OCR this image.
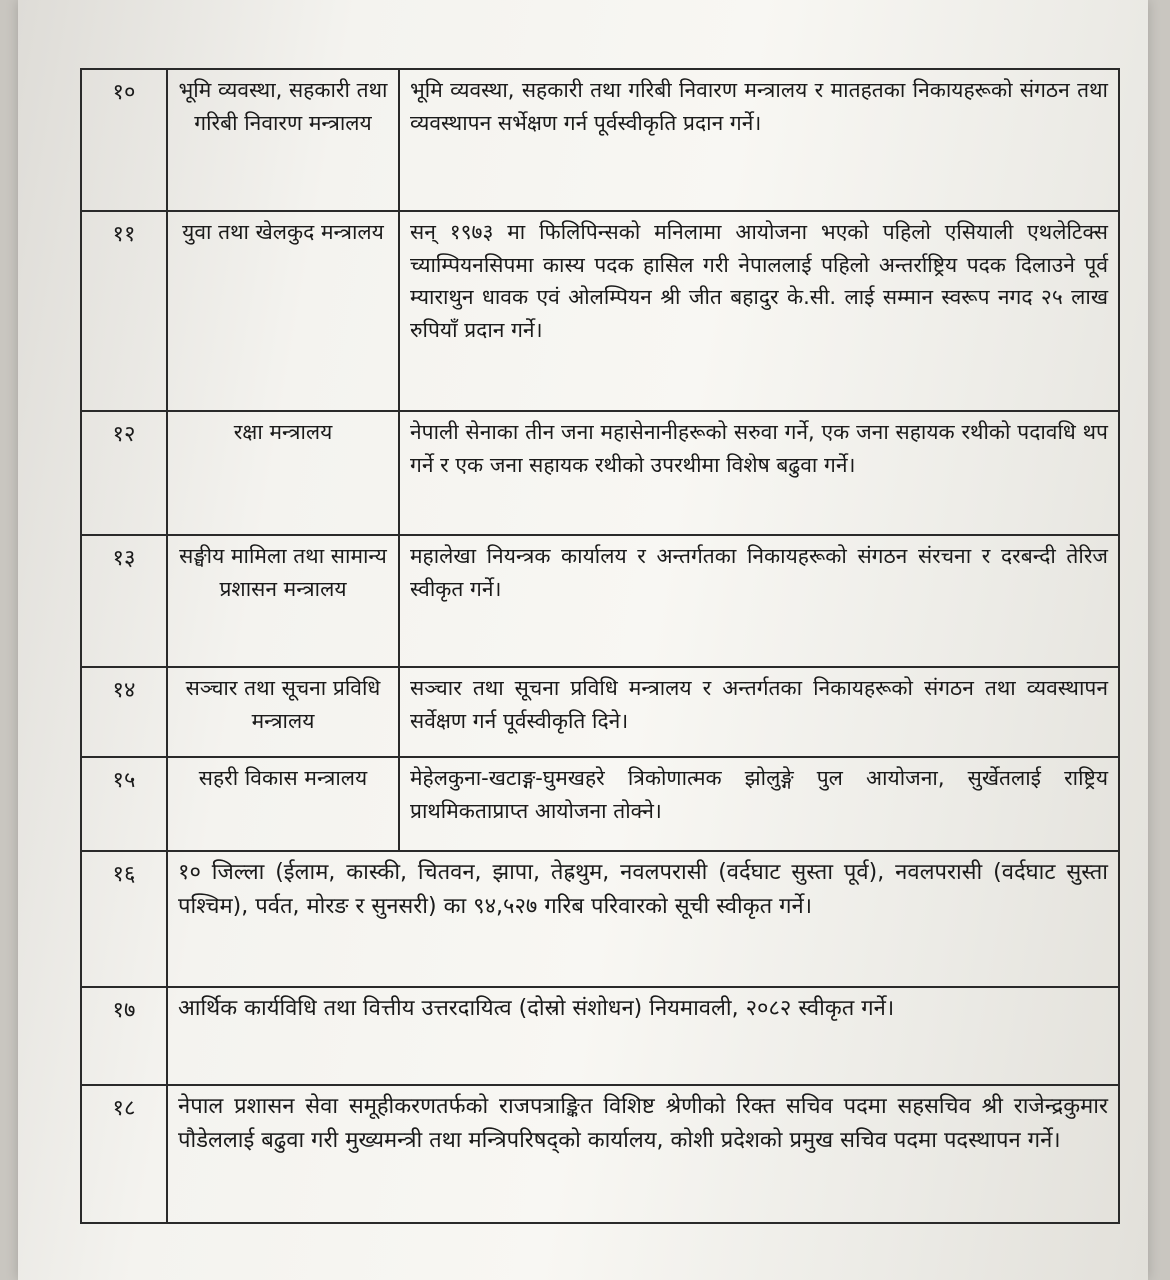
१०	भूमि व्यवस्था, सहकारी तथा गरिबी निवारण मन्त्रालय	भूमि व्यवस्था, सहकारी तथा गरिबी निवारण मन्त्रालय र मातहतका निकायहरूको संगठन तथा व्यवस्थापन सर्भेक्षण गर्न पूर्वस्वीकृति प्रदान गर्ने।
११	युवा तथा खेलकुद मन्त्रालय	सन् १९७३ मा फिलिपिन्सको मनिलामा आयोजना भएको पहिलो एसियाली एथलेटिक्स च्याम्पियनसिपमा कास्य पदक हासिल गरी नेपाललाई पहिलो अन्तर्राष्ट्रिय पदक दिलाउने पूर्व म्याराथुन धावक एवं ओलम्पियन श्री जीत बहादुर के.सी. लाई सम्मान स्वरूप नगद २५ लाख रुपियाँ प्रदान गर्ने।
१२	रक्षा मन्त्रालय	नेपाली सेनाका तीन जना महासेनानीहरूको सरुवा गर्ने, एक जना सहायक रथीको पदावधि थप गर्ने र एक जना सहायक रथीको उपरथीमा विशेष बढुवा गर्ने।
१३	सङ्घीय मामिला तथा सामान्य प्रशासन मन्त्रालय	महालेखा नियन्त्रक कार्यालय र अन्तर्गतका निकायहरूको संगठन संरचना र दरबन्दी तेरिज स्वीकृत गर्ने।
१४	सञ्चार तथा सूचना प्रविधि मन्त्रालय	सञ्चार तथा सूचना प्रविधि मन्त्रालय र अन्तर्गतका निकायहरूको संगठन तथा व्यवस्थापन सर्वेक्षण गर्न पूर्वस्वीकृति दिने।
१५	सहरी विकास मन्त्रालय	मेहेलकुना-खटाङ्ग-घुमखहरे त्रिकोणात्मक झोलुङ्गे पुल आयोजना, सुर्खेतलाई राष्ट्रिय प्राथमिकताप्राप्त आयोजना तोक्ने।
१६	१० जिल्ला (ईलाम, कास्की, चितवन, झापा, तेह्रथुम, नवलपरासी (वर्दघाट सुस्ता पूर्व), नवलपरासी (वर्दघाट सुस्ता पश्चिम), पर्वत, मोरङ र सुनसरी) का ९४,५२७ गरिब परिवारको सूची स्वीकृत गर्ने।	
१७	आर्थिक कार्यविधि तथा वित्तीय उत्तरदायित्व (दोस्रो संशोधन) नियमावली, २०८२ स्वीकृत गर्ने।	
१८	नेपाल प्रशासन सेवा समूहीकरणतर्फको राजपत्राङ्कित विशिष्ट श्रेणीको रिक्त सचिव पदमा सहसचिव श्री राजेन्द्रकुमार पौडेललाई बढुवा गरी मुख्यमन्त्री तथा मन्त्रिपरिषद्को कार्यालय, कोशी प्रदेशको प्रमुख सचिव पदमा पदस्थापन गर्ने।	
